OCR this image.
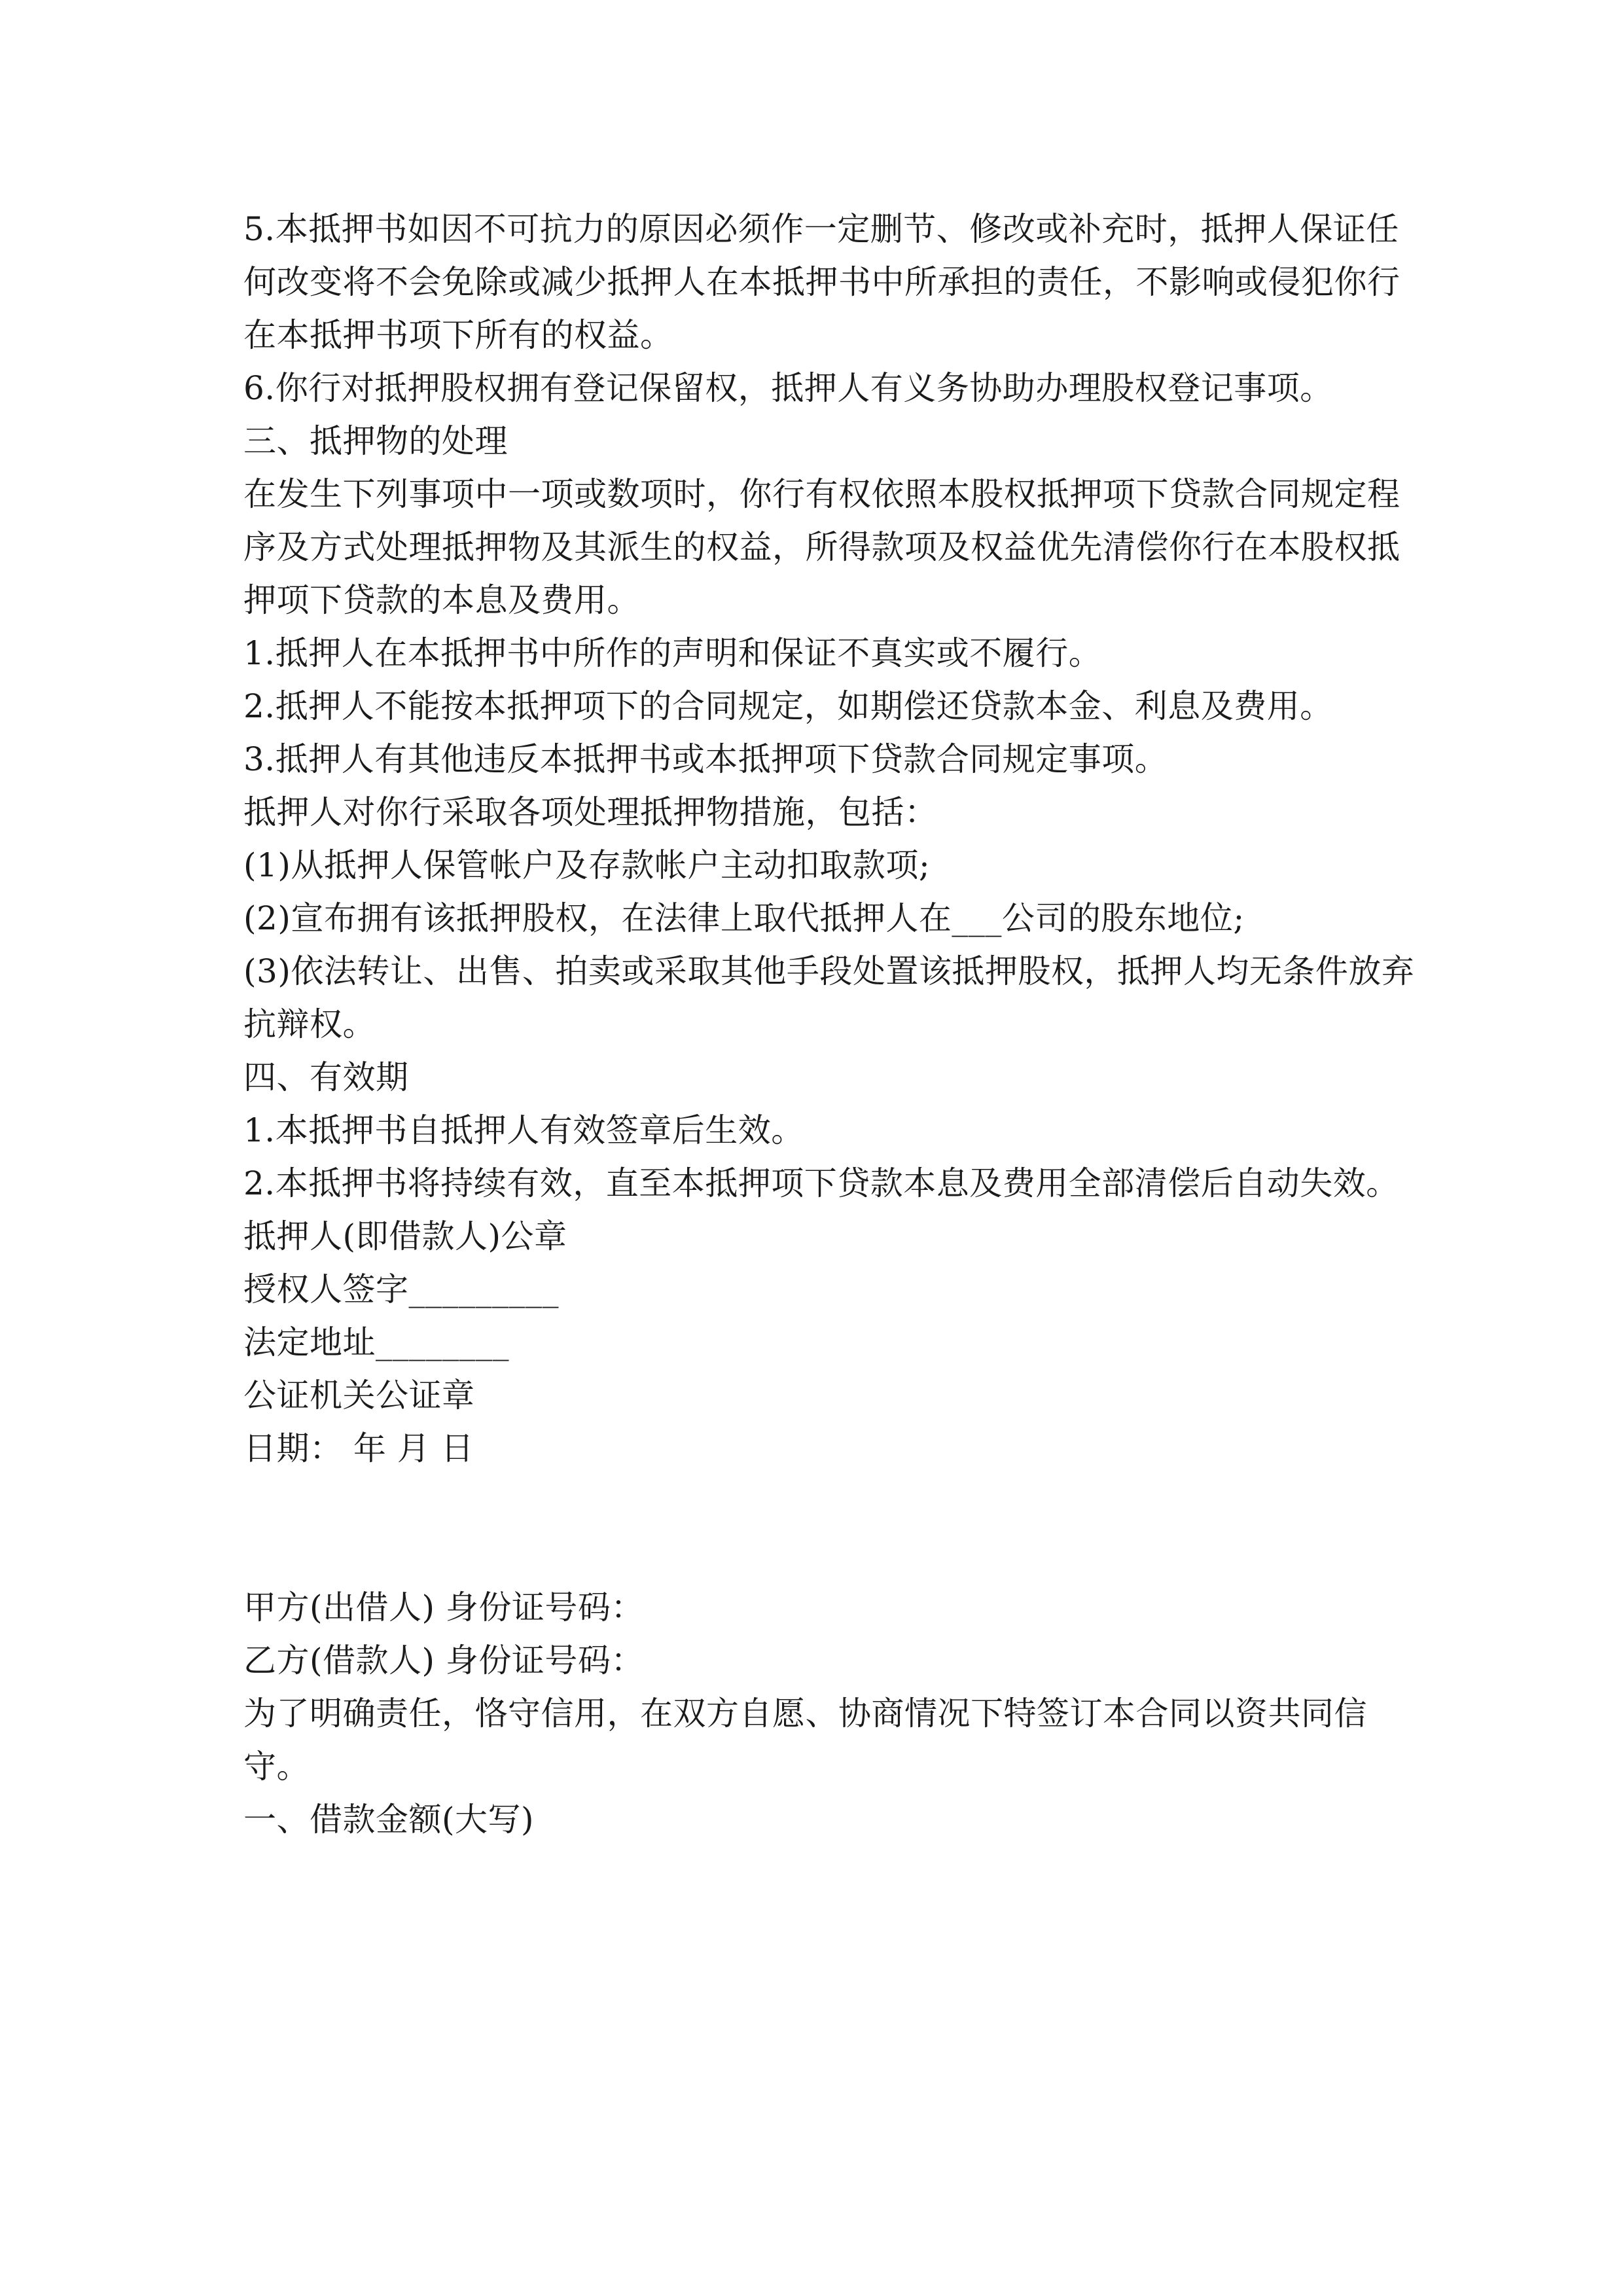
5.本抵押书如因不可抗力的原因必须作一定删节、修改或补充时，抵押人保证任何改变将不会免除或减少抵押人在本抵押书中所承担的责任，不影响或侵犯你行在本抵押书项下所有的权益。

6.你行对抵押股权拥有登记保留权，抵押人有义务协助办理股权登记事项。

三、抵押物的处理

在发生下列事项中一项或数项时，你行有权依照本股权抵押项下贷款合同规定程序及方式处理抵押物及其派生的权益，所得款项及权益优先清偿你行在本股权抵押项下贷款的本息及费用。

1.抵押人在本抵押书中所作的声明和保证不真实或不履行。

2.抵押人不能按本抵押项下的合同规定，如期偿还贷款本金、利息及费用。

3.抵押人有其他违反本抵押书或本抵押项下贷款合同规定事项。

抵押人对你行采取各项处理抵押物措施，包括：

(1)从抵押人保管帐户及存款帐户主动扣取款项;

(2)宣布拥有该抵押股权，在法律上取代抵押人在___公司的股东地位;

(3)依法转让、出售、拍卖或采取其他手段处置该抵押股权，抵押人均无条件放弃抗辩权。

四、有效期

1.本抵押书自抵押人有效签章后生效。

2.本抵押书将持续有效，直至本抵押项下贷款本息及费用全部清偿后自动失效。

抵押人(即借款人)公章

授权人签字_________

法定地址________

公证机关公证章

日期： 年 月 日

甲方(出借人) 身份证号码：

乙方(借款人) 身份证号码：

为了明确责任，恪守信用，在双方自愿、协商情况下特签订本合同以资共同信守。

一、借款金额(大写)
